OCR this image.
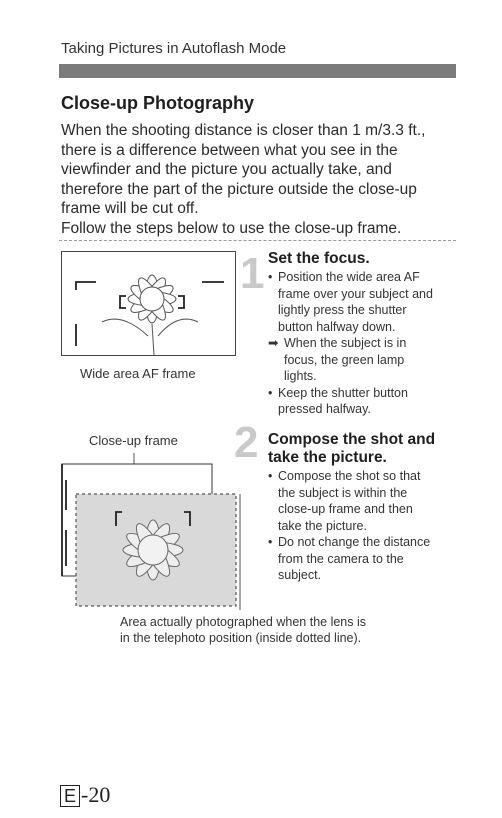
Taking Pictures in Autoflash Mode
Close-up Photography

When the shooting distance is closer than 1 m/3.3 ft.,

there is a difference between what you see in the

viewfinder and the picture you actually take, and

therefore the part of the picture outside the close-up

frame will be cut off.

Follow the steps below to use the close-up frame.

Wide area AF frame
Close-up frame
Area actually photographed when the lens is
in the telephoto position (inside dotted line).
1 Set the focus.
• Position the wide area AF
frame over your subject and
lightly press the shutter
button halfway down.
➡ When the subject is in
focus, the green lamp
lights.
• Keep the shutter button
pressed halfway.
2 Compose the shot and
take the picture.
• Compose the shot so that
the subject is within the
close-up frame and then
take the picture.
• Do not change the distance
from the camera to the
subject.
E -20
